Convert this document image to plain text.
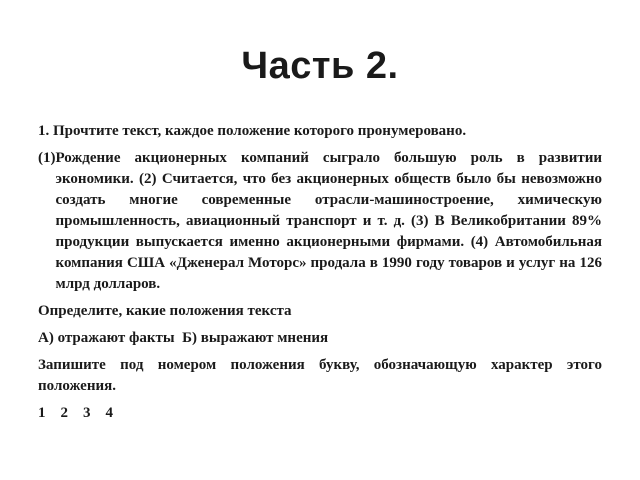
Часть 2.

1. Прочтите текст, каждое положение которого пронумеровано.

(1) Рождение акционерных компаний сыграло большую роль в развитии экономики. (2) Считается, что без акционерных обществ было бы невозможно создать многие современные отрасли-машиностроение, химическую промышленность, авиационный транспорт и т. д. (3) В Великобритании 89% продукции выпускается именно акционерными фирмами. (4) Автомобильная компания США «Дженерал Моторс» продала в 1990 году товаров и услуг на 126 млрд долларов.

Определите, какие положения текста

А) отражают факты  Б) выражают мнения

Запишите под номером положения букву, обозначающую характер этого положения.

1    2    3    4
